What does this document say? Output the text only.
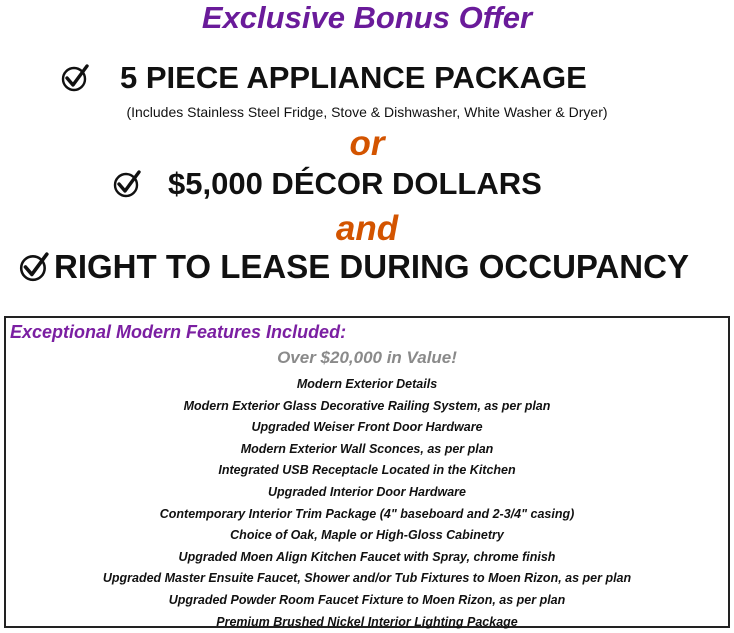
Exclusive Bonus Offer
5 PIECE APPLIANCE PACKAGE
(Includes Stainless Steel Fridge, Stove & Dishwasher, White Washer & Dryer)
or
$5,000 DÉCOR DOLLARS
and
RIGHT TO LEASE DURING OCCUPANCY
Exceptional Modern Features Included:
Over $20,000 in Value!
Modern Exterior Details
Modern Exterior Glass Decorative Railing System, as per plan
Upgraded Weiser Front Door Hardware
Modern Exterior Wall Sconces, as per plan
Integrated USB Receptacle Located in the Kitchen
Upgraded Interior Door Hardware
Contemporary Interior Trim Package (4" baseboard and 2-3/4" casing)
Choice of Oak, Maple or High-Gloss Cabinetry
Upgraded Moen Align Kitchen Faucet with Spray, chrome finish
Upgraded Master Ensuite Faucet, Shower and/or Tub Fixtures to Moen Rizon, as per plan
Upgraded Powder Room Faucet Fixture to Moen Rizon, as per plan
Premium Brushed Nickel Interior Lighting Package
